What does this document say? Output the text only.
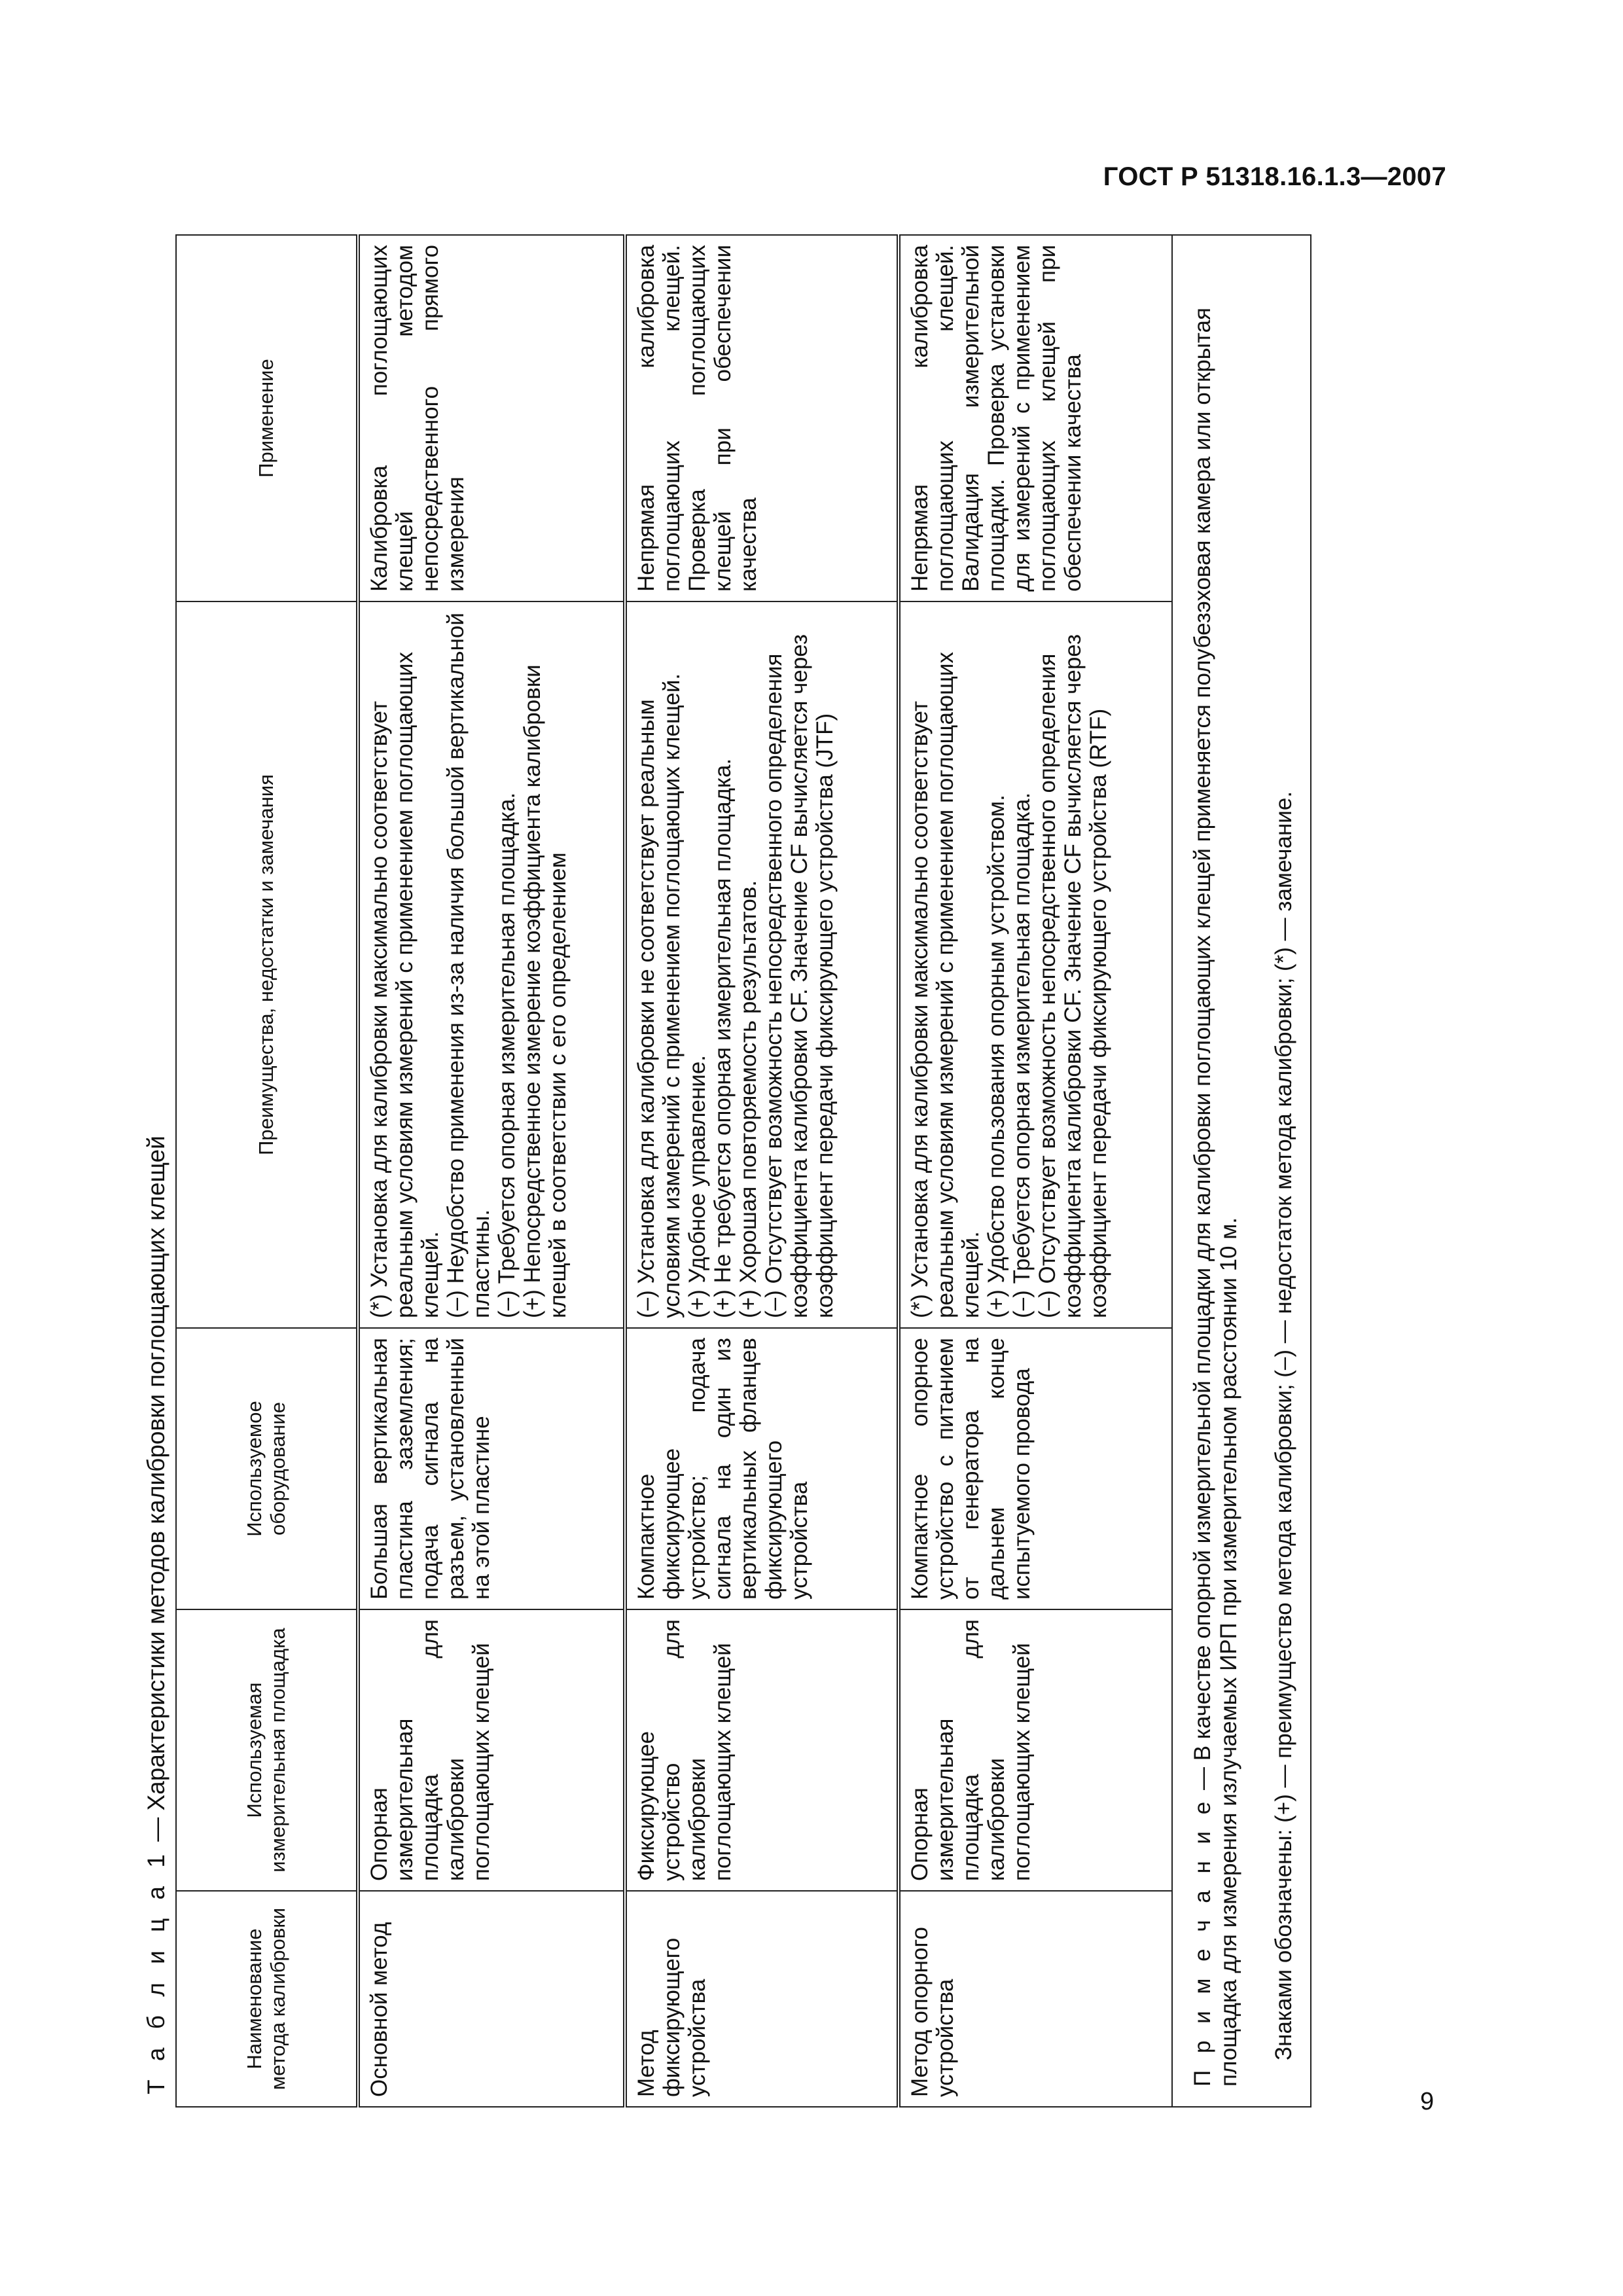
ГОСТ Р 51318.16.1.3—2007
Т а б л и ц а 1 — Характеристики методов калибровки поглощающих клещей
Наименование метода калибровки	Используемая измерительная площадка	Используемое оборудование	Преимущества, недостатки и замечания	Применение
Основной метод	Опорная измерительная площадка для калибровки поглощающих клещей	Большая вертикальная пластина заземления; подача сигнала на разъем, установленный на этой пластине	(*) Установка для калибровки максимально соответствует реальным условиям измерений с применением поглощающих клещей. (–) Неудобство применения из-за наличия большой вертикальной пластины. (–) Требуется опорная измерительная площадка. (+) Непосредственное измерение коэффициента калибровки клещей в соответствии с его определением	Калибровка поглощающих клещей методом непосредственного прямого измерения
Метод фиксирующего устройства	Фиксирующее устройство для калибровки поглощающих клещей	Компактное фиксирующее устройство; подача сигнала на один из вертикальных фланцев фиксирующего устройства	(–) Установка для калибровки не соответствует реальным условиям измерений с применением поглощающих клещей. (+) Удобное управление. (+) Не требуется опорная измерительная площадка. (+) Хорошая повторяемость результатов. (–) Отсутствует возможность непосредственного определения коэффициента калибровки CF. Значение CF вычисляется через коэффициент передачи фиксирующего устройства (JTF)	Непрямая калибровка поглощающих клещей. Проверка поглощающих клещей при обеспечении качества
Метод опорного устройства	Опорная измерительная площадка для калибровки поглощающих клещей	Компактное опорное устройство с питанием от генератора на дальнем конце испытуемого провода	(*) Установка для калибровки максимально соответствует реальным условиям измерений с применением поглощающих клещей. (+) Удобство пользования опорным устройством. (–) Требуется опорная измерительная площадка. (–) Отсутствует возможность непосредственного определения коэффициента калибровки CF. Значение CF вычисляется через коэффициент передачи фиксирующего устройства (RTF)	Непрямая калибровка поглощающих клещей. Валидация измерительной площадки. Проверка установки для измерений с применением поглощающих клещей при обеспечении качества

П р и м е ч а н и е — В качестве опорной измерительной площадки для калибровки поглощающих клещей применяется полубезэховая камера или открытая площадка для измерения излучаемых ИРП при измерительном расстоянии 10 м. Знаками обозначены: (+) — преимущество метода калибровки; (–) — недостаток метода калибровки; (*) — замечание.				

9
